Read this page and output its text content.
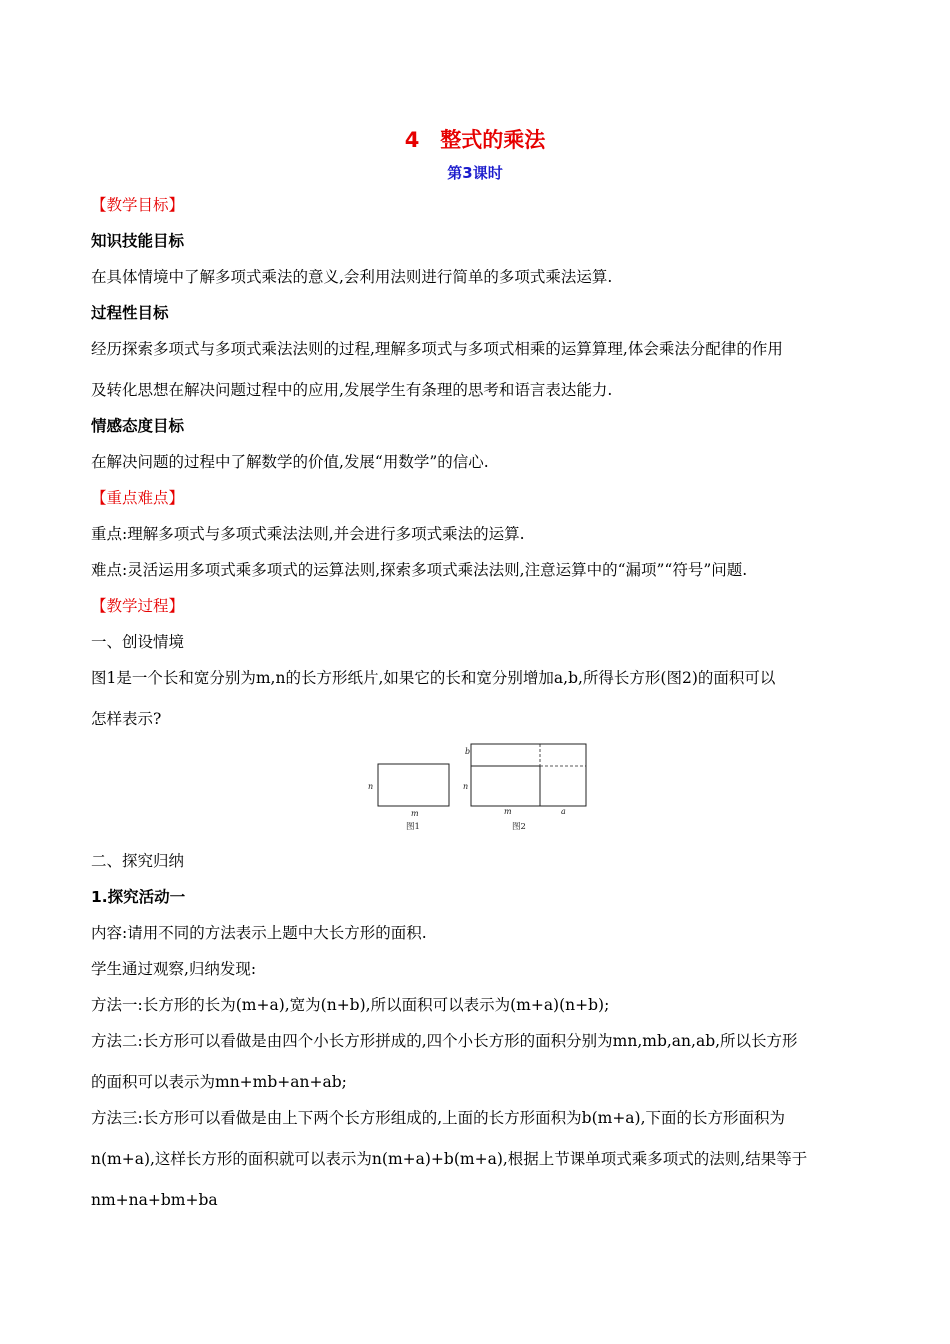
4　整式的乘法
第3课时
【教学目标】
知识技能目标
在具体情境中了解多项式乘法的意义,会利用法则进行简单的多项式乘法运算.
过程性目标
经历探索多项式与多项式乘法法则的过程,理解多项式与多项式相乘的运算算理,体会乘法分配律的作用
及转化思想在解决问题过程中的应用,发展学生有条理的思考和语言表达能力.
情感态度目标
在解决问题的过程中了解数学的价值,发展“用数学”的信心.
【重点难点】
重点:理解多项式与多项式乘法法则,并会进行多项式乘法的运算.
难点:灵活运用多项式乘多项式的运算法则,探索多项式乘法法则,注意运算中的“漏项”“符号”问题.
【教学过程】
一、创设情境
图1是一个长和宽分别为m,n的长方形纸片,如果它的长和宽分别增加a,b,所得长方形(图2)的面积可以
怎样表示?
n
m
图1
b
n
m	a
图2
二、探究归纳
1.探究活动一
内容:请用不同的方法表示上题中大长方形的面积.
学生通过观察,归纳发现:
方法一:长方形的长为(m+a),宽为(n+b),所以面积可以表示为(m+a)(n+b);
方法二:长方形可以看做是由四个小长方形拼成的,四个小长方形的面积分别为mn,mb,an,ab,所以长方形
的面积可以表示为mn+mb+an+ab;
方法三:长方形可以看做是由上下两个长方形组成的,上面的长方形面积为b(m+a),下面的长方形面积为
n(m+a),这样长方形的面积就可以表示为n(m+a)+b(m+a),根据上节课单项式乘多项式的法则,结果等于
nm+na+bm+ba
